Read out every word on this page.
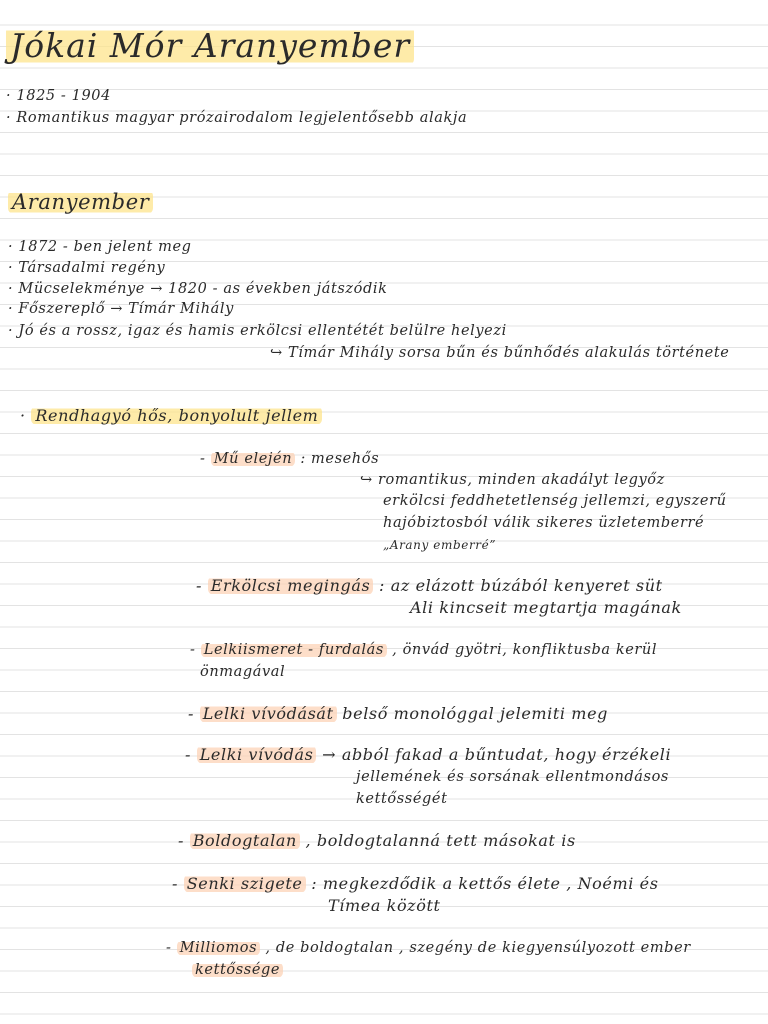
Jókai Mór Aranyember
· 1825 - 1904
· Romantikus magyar prózairodalom legjelentősebb alakja
Aranyember
· 1872 - ben jelent meg
· Társadalmi regény
· Mücselekménye → 1820 - as években játszódik
· Főszereplő → Tímár Mihály
· Jó és a rossz, igaz és hamis erkölcsi ellentétét belülre helyezi
↪ Tímár Mihály sorsa bűn és bűnhődés alakulás története
· Rendhagyó hős, bonyolult jellem
- Mű elején : mesehős
↪ romantikus, minden akadályt legyőz
erkölcsi feddhetetlenség jellemzi, egyszerű
hajóbiztosból válik sikeres üzletemberré
„Arany emberré”
- Erkölcsi megingás : az elázott búzából kenyeret süt
Ali kincseit megtartja magának
- Lelkiismeret - furdalás , önvád gyötri, konfliktusba kerül
önmagával
- Lelki vívódását belső monológgal jelemiti meg
- Lelki vívódás → abból fakad a bűntudat, hogy érzékeli
jellemének és sorsának ellentmondásos
kettősségét
- Boldogtalan , boldogtalanná tett másokat is
- Senki szigete : megkezdődik a kettős élete , Noémi és
Tímea között
- Milliomos , de boldogtalan , szegény de kiegyensúlyozott ember
kettőssége
